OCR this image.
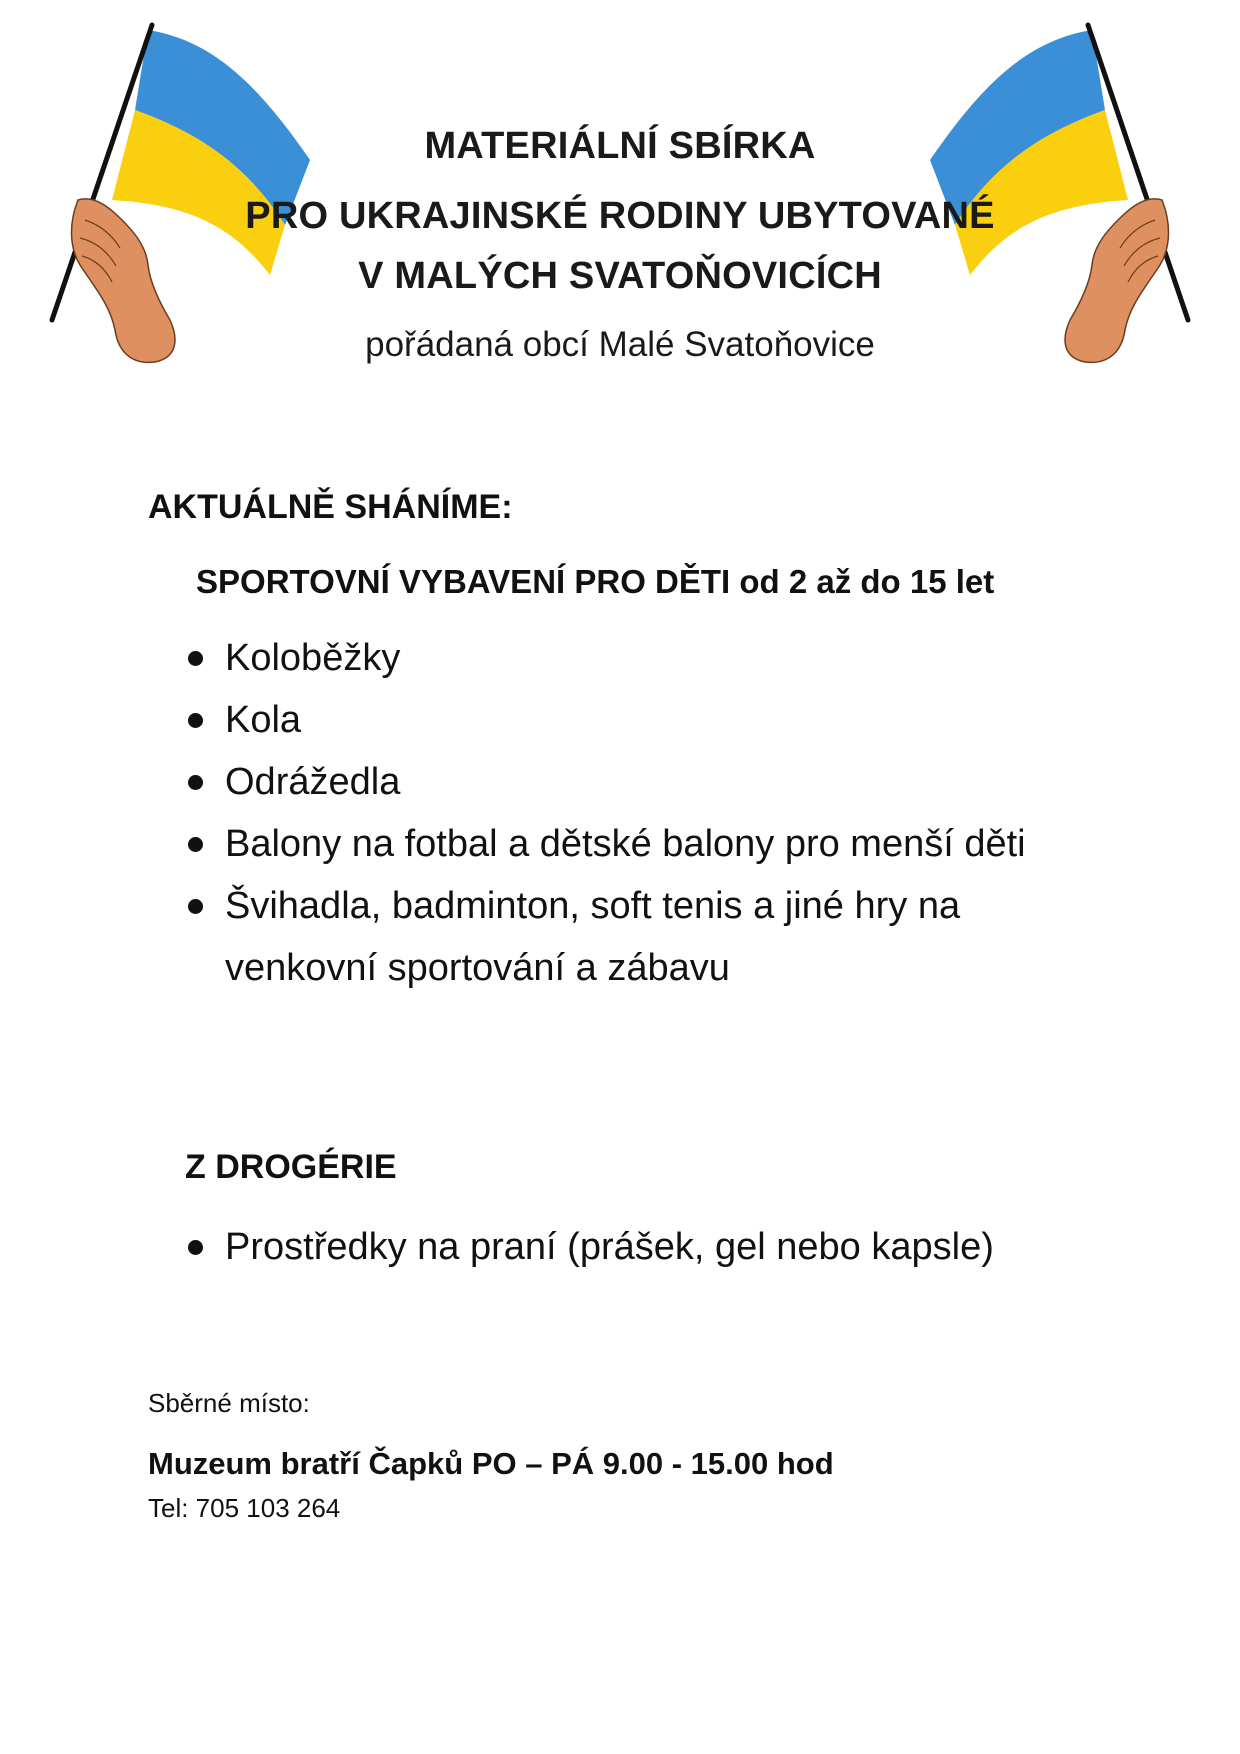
MATERIÁLNÍ SBÍRKA
PRO UKRAJINSKÉ RODINY UBYTOVANÉ
V MALÝCH SVATOŇOVICÍCH
pořádaná obcí Malé Svatoňovice
AKTUÁLNĚ SHÁNÍME:
SPORTOVNÍ VYBAVENÍ PRO DĚTI od 2 až do 15 let
Koloběžky
Kola
Odrážedla
Balony na fotbal a dětské balony pro menší děti
Švihadla, badminton, soft tenis a jiné hry na venkovní sportování a zábavu
Z DROGÉRIE
Prostředky na praní (prášek, gel nebo kapsle)
Sběrné místo:
Muzeum bratří Čapků PO – PÁ 9.00 - 15.00 hod
Tel: 705 103 264
